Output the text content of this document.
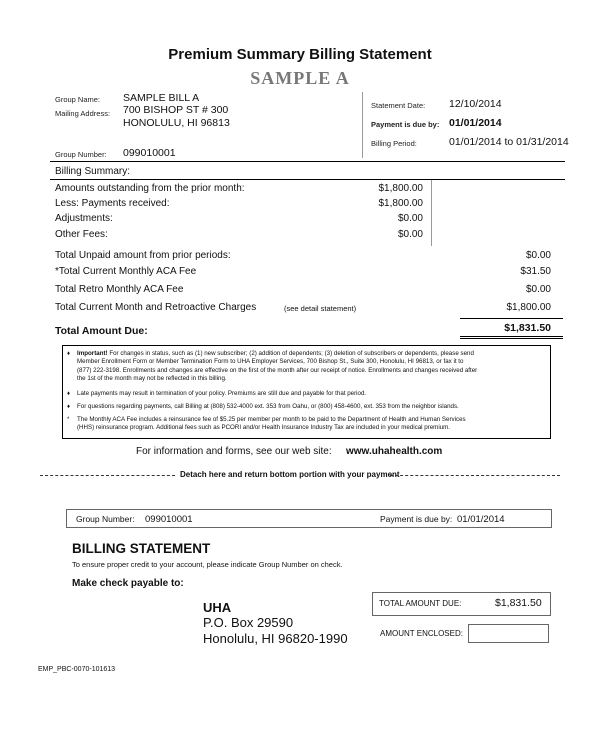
Premium Summary Billing Statement
SAMPLE A
Group Name: SAMPLE BILL A
Mailing Address: 700 BISHOP ST # 300
HONOLULU, HI 96813
Group Number: 099010001
Statement Date: 12/10/2014
Payment is due by: 01/01/2014
Billing Period:	01/01/2014 to 01/31/2014
Billing Summary:
Amounts outstanding from the prior month:	$1,800.00
Less: Payments received:	$1,800.00
Adjustments:	$0.00
Other Fees:	$0.00
Total Unpaid amount from prior periods:	$0.00
*Total Current Monthly ACA Fee	$31.50
Total Retro Monthly ACA Fee	$0.00
Total Current Month and Retroactive Charges	(see detail statement)	$1,800.00
Total Amount Due:	$1,831.50
♦ Important! For changes in status, such as (1) new subscriber; (2) addition of dependents; (3) deletion of subscribers or dependents, please send
Member Enrollment Form or Member Termination Form to UHA Employer Services, 700 Bishop St., Suite 300, Honolulu, HI 96813, or fax it to
(877) 222-3198. Enrollments and changes are effective on the first of the month after our receipt of notice. Enrollments and changes received after
the 1st of the month may not be reflected in this billing.
♦ Late payments may result in termination of your policy. Premiums are still due and payable for that period.
♦ For questions regarding payments, call Billing at (808) 532-4000 ext. 353 from Oahu, or (800) 458-4600, ext. 353 from the neighbor islands.
* The Monthly ACA Fee includes a reinsurance fee of $5.25 per member per month to be paid to the Department of Health and Human Services
(HHS) reinsurance program. Additional fees such as PCORI and/or Health Insurance Industry Tax are included in your medical premium.
For information and forms, see our web site: www.uhahealth.com
Detach here and return bottom portion with your payment
Group Number: 099010001	Payment is due by: 01/01/2014
BILLING STATEMENT
To ensure proper credit to your account, please indicate Group Number on check.
Make check payable to:
UHA
P.O. Box 29590
Honolulu, HI 96820-1990
TOTAL AMOUNT DUE:	$1,831.50
AMOUNT ENCLOSED:
EMP_PBC-0070-101613
